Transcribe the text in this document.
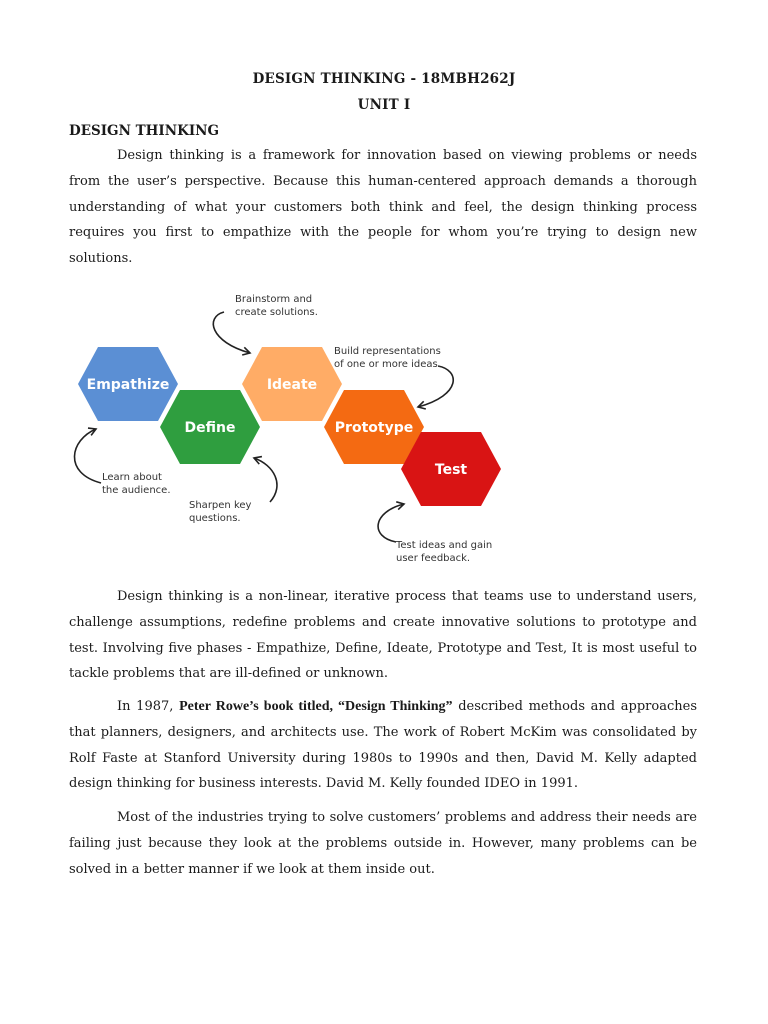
DESIGN THINKING - 18MBH262J
UNIT I
DESIGN THINKING

Design thinking is a framework for innovation based on viewing problems or needs from the user’s perspective. Because this human-centered approach demands a thorough understanding of what your customers both think and feel, the design thinking process requires you first to empathize with the people for whom you’re trying to design new solutions.

Empathize
Define
Ideate
Prototype
Test
Learn about the audience.
Sharpen key questions.
Brainstorm and create solutions.
Build representations of one or more ideas.
Test ideas and gain user feedback.

Design thinking is a non-linear, iterative process that teams use to understand users, challenge assumptions, redefine problems and create innovative solutions to prototype and test. Involving five phases - Empathize, Define, Ideate, Prototype and Test, It is most useful to tackle problems that are ill-defined or unknown.

In 1987, Peter Rowe’s book titled, “Design Thinking” described methods and approaches that planners, designers, and architects use. The work of Robert McKim was consolidated by Rolf Faste at Stanford University during 1980s to 1990s and then, David M. Kelly adapted design thinking for business interests. David M. Kelly founded IDEO in 1991.

Most of the industries trying to solve customers’ problems and address their needs are failing just because they look at the problems outside in. However, many problems can be solved in a better manner if we look at them inside out.
